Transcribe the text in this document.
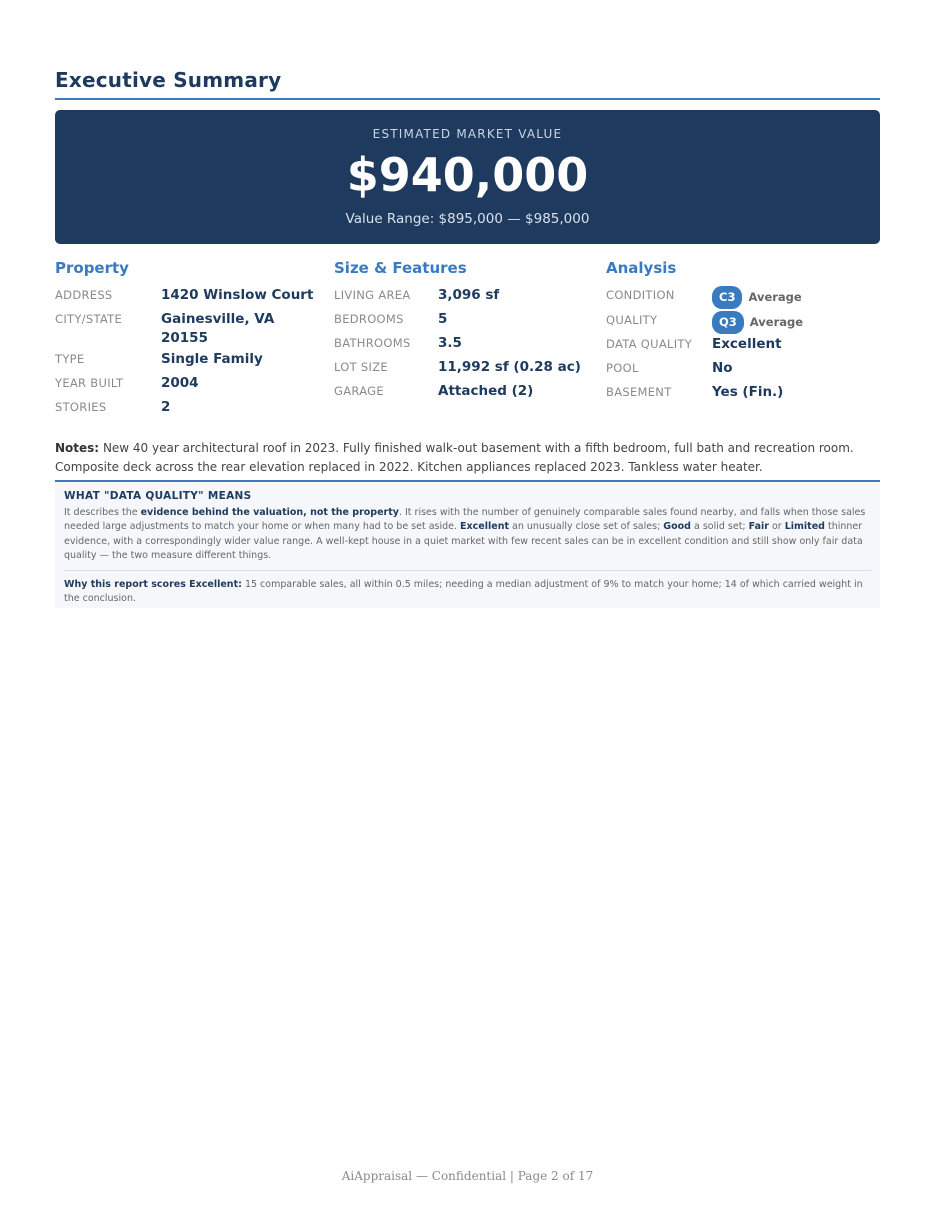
Executive Summary
ESTIMATED MARKET VALUE
$940,000
Value Range: $895,000 — $985,000
Property
ADDRESS	1420 Winslow Court
CITY/STATE	Gainesville, VA 20155
TYPE	Single Family
YEAR BUILT	2004
STORIES	2
Size & Features
LIVING AREA	3,096 sf
BEDROOMS	5
BATHROOMS	3.5
LOT SIZE	11,992 sf (0.28 ac)
GARAGE	Attached (2)
Analysis
CONDITION	C3 Average
QUALITY	Q3 Average
DATA QUALITY	Excellent
POOL	No
BASEMENT	Yes (Fin.)
Notes: New 40 year architectural roof in 2023. Fully finished walk-out basement with a fifth bedroom, full bath and recreation room. Composite deck across the rear elevation replaced in 2022. Kitchen appliances replaced 2023. Tankless water heater.
WHAT "DATA QUALITY" MEANS
It describes the evidence behind the valuation, not the property. It rises with the number of genuinely comparable sales found nearby, and falls when those sales needed large adjustments to match your home or when many had to be set aside. Excellent an unusually close set of sales; Good a solid set; Fair or Limited thinner evidence, with a correspondingly wider value range. A well-kept house in a quiet market with few recent sales can be in excellent condition and still show only fair data quality — the two measure different things.
Why this report scores Excellent: 15 comparable sales, all within 0.5 miles; needing a median adjustment of 9% to match your home; 14 of which carried weight in the conclusion.
AiAppraisal — Confidential | Page 2 of 17
